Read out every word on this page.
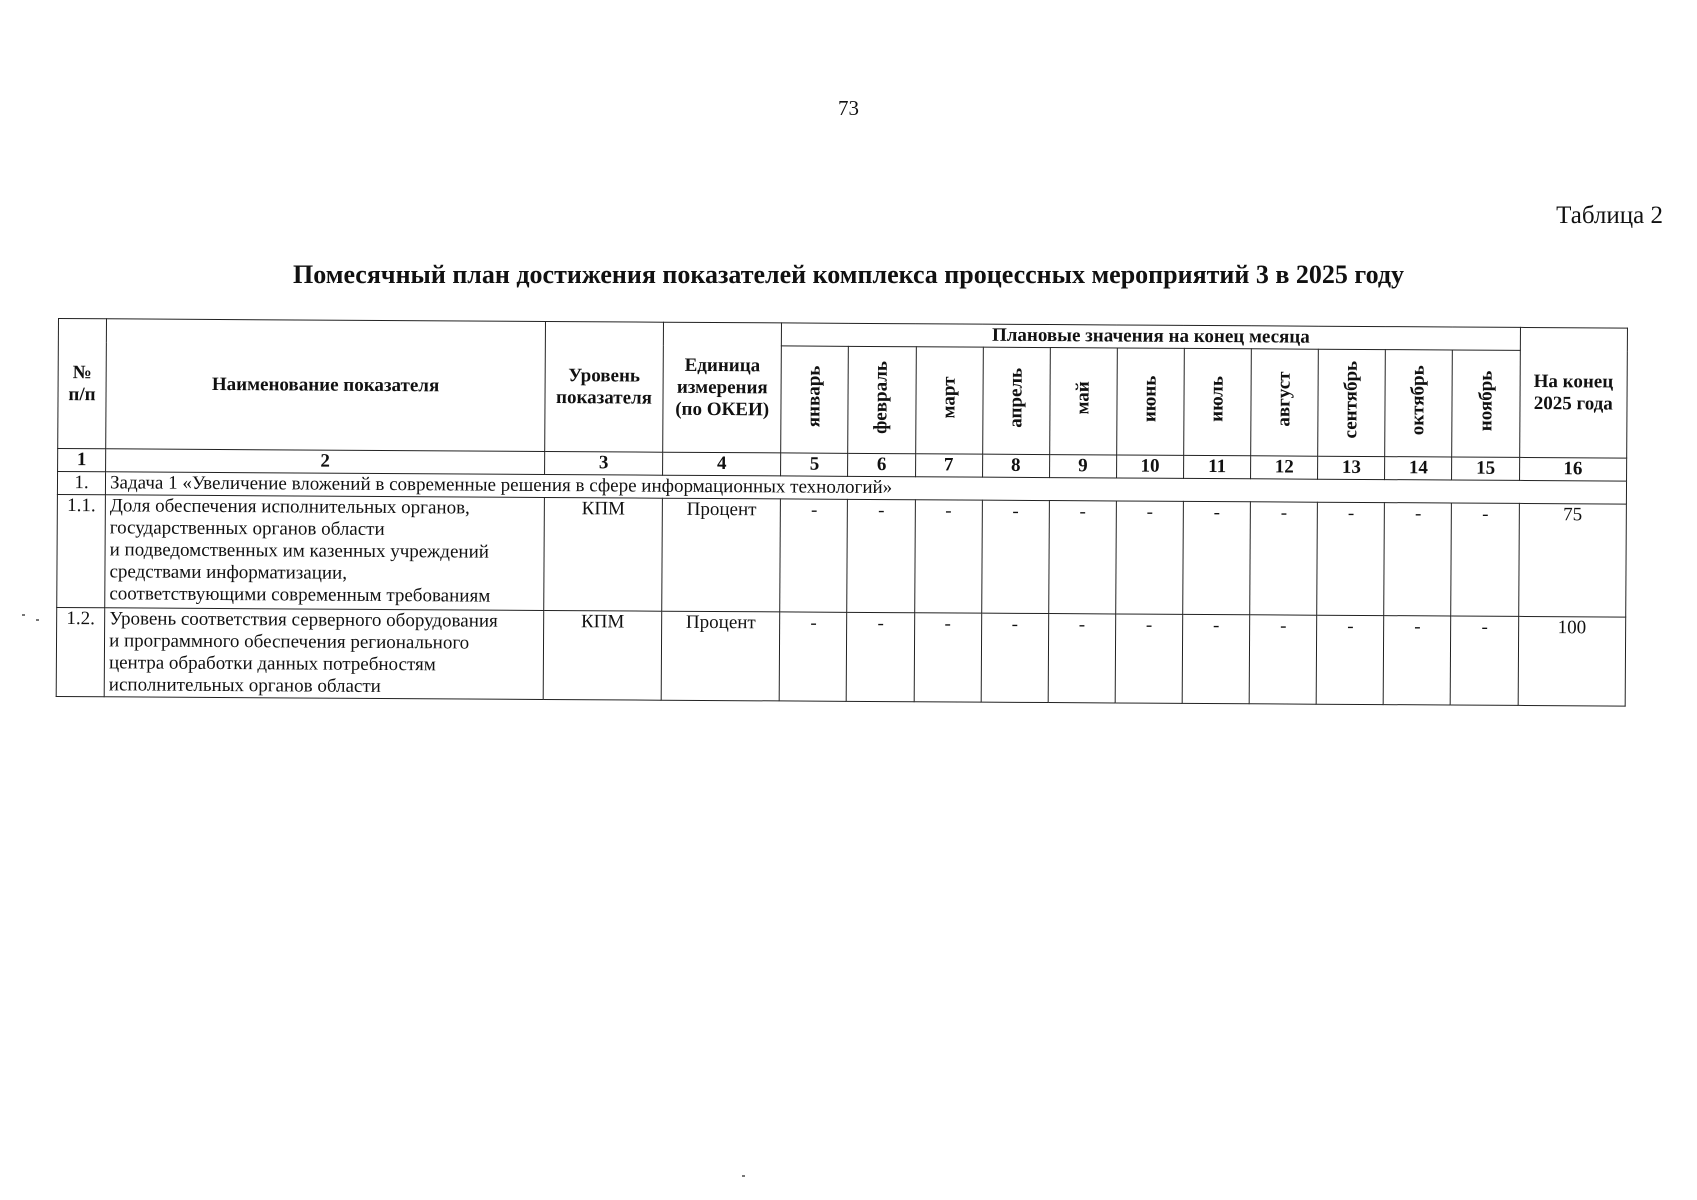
73
Таблица 2
Помесячный план достижения показателей комплекса процессных мероприятий 3 в 2025 году
№ п/п	Наименование показателя	Уровень показателя	Единица измерения (по ОКЕИ)	Плановые значения на конец месяца											На конец 2025 года
				январь	февраль	март	апрель	май	июнь	июль	август	сентябрь	октябрь	ноябрь	
1	2	3	4	5	6	7	8	9	10	11	12	13	14	15	16
1.	Задача 1 «Увеличение вложений в современные решения в сфере информационных технологий»														
1.1.	Доля обеспечения исполнительных органов,
государственных органов области
и подведомственных им казенных учреждений
средствами информатизации,
соответствующими современным требованиям	КПМ	Процент	-	-	-	-	-	-	-	-	-	-	-	75
1.2.	Уровень соответствия серверного оборудования
и программного обеспечения регионального
центра обработки данных потребностям
исполнительных органов области	КПМ	Процент	-	-	-	-	-	-	-	-	-	-	-	100
